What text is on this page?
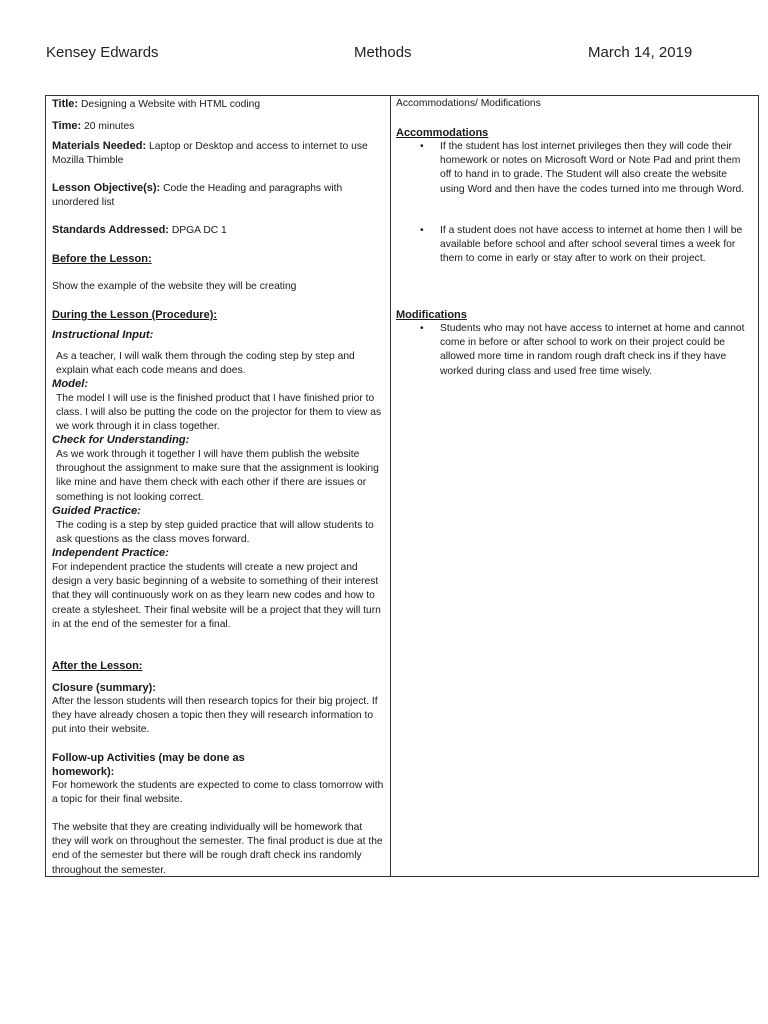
Kensey Edwards	Methods	March 14, 2019
Title: Designing a Website with HTML coding
Time: 20 minutes
Materials Needed: Laptop or Desktop and access to internet to use Mozilla Thimble
Lesson Objective(s): Code the Heading and paragraphs with unordered list
Standards Addressed: DPGA DC 1
Before the Lesson:
Show the example of the website they will be creating
During the Lesson (Procedure):
Instructional Input:
As a teacher, I will walk them through the coding step by step and explain what each code means and does.
Model:
The model I will use is the finished product that I have finished prior to class. I will also be putting the code on the projector for them to view as we work through it in class together.
Check for Understanding:
As we work through it together I will have them publish the website throughout the assignment to make sure that the assignment is looking like mine and have them check with each other if there are issues or something is not looking correct.
Guided Practice:
The coding is a step by step guided practice that will allow students to ask questions as the class moves forward.
Independent Practice:
For independent practice the students will create a new project and design a very basic beginning of a website to something of their interest that they will continuously work on as they learn new codes and how to create a stylesheet. Their final website will be a project that they will turn in at the end of the semester for a final.
After the Lesson:
Closure (summary):
After the lesson students will then research topics for their big project. If they have already chosen a topic then they will research information to put into their website.
Follow-up Activities (may be done as homework):
For homework the students are expected to come to class tomorrow with a topic for their final website.
The website that they are creating individually will be homework that they will work on throughout the semester. The final product is due at the end of the semester but there will be rough draft check ins randomly throughout the semester.
Accommodations/ Modifications
Accommodations
• If the student has lost internet privileges then they will code their homework or notes on Microsoft Word or Note Pad and print them off to hand in to grade. The Student will also create the website using Word and then have the codes turned into me through Word.
• If a student does not have access to internet at home then I will be available before school and after school several times a week for them to come in early or stay after to work on their project.
Modifications
• Students who may not have access to internet at home and cannot come in before or after school to work on their project could be allowed more time in random rough draft check ins if they have worked during class and used free time wisely.
